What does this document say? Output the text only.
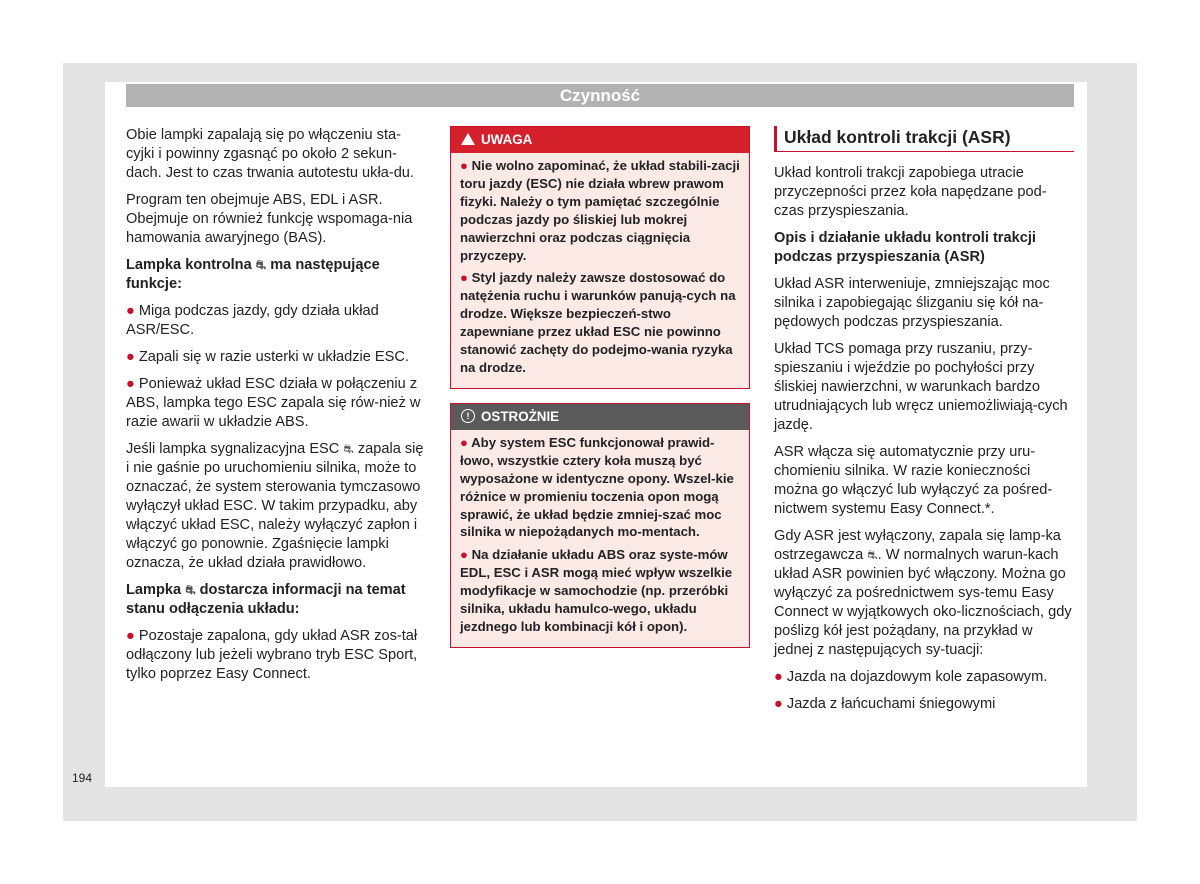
Czynność

Obie lampki zapalają się po włączeniu sta-cyjki i powinny zgasnąć po około 2 sekun-dach. Jest to czas trwania autotestu ukła-du.

Program ten obejmuje ABS, EDL i ASR. Obejmuje on również funkcję wspomaga-nia hamowania awaryjnego (BAS).

Lampka kontrolna ⛐ ma następujące funkcje:

● Miga podczas jazdy, gdy działa układ ASR/ESC.

● Zapali się w razie usterki w układzie ESC.

● Ponieważ układ ESC działa w połączeniu z ABS, lampka tego ESC zapala się rów-nież w razie awarii w układzie ABS.

Jeśli lampka sygnalizacyjna ESC ⛐ zapala się i nie gaśnie po uruchomieniu silnika, może to oznaczać, że system sterowania tymczasowo wyłączył układ ESC. W takim przypadku, aby włączyć układ ESC, należy wyłączyć zapłon i włączyć go ponownie. Zgaśnięcie lampki oznacza, że układ działa prawidłowo.

Lampka ⛐ dostarcza informacji na temat stanu odłączenia układu:

● Pozostaje zapalona, gdy układ ASR zos-tał odłączony lub jeżeli wybrano tryb ESC Sport, tylko poprzez Easy Connect.

UWAGA

● Nie wolno zapominać, że układ stabili-zacji toru jazdy (ESC) nie działa wbrew prawom fizyki. Należy o tym pamiętać szczególnie podczas jazdy po śliskiej lub mokrej nawierzchni oraz podczas ciągnięcia przyczepy.

● Styl jazdy należy zawsze dostosować do natężenia ruchu i warunków panują-cych na drodze. Większe bezpieczeń-stwo zapewniane przez układ ESC nie powinno stanowić zachęty do podejmo-wania ryzyka na drodze.

! OSTROŻNIE

● Aby system ESC funkcjonował prawid-łowo, wszystkie cztery koła muszą być wyposażone w identyczne opony. Wszel-kie różnice w promieniu toczenia opon mogą sprawić, że układ będzie zmniej-szać moc silnika w niepożądanych mo-mentach.

● Na działanie układu ABS oraz syste-mów EDL, ESC i ASR mogą mieć wpływ wszelkie modyfikacje w samochodzie (np. przeróbki silnika, układu hamulco-wego, układu jezdnego lub kombinacji kół i opon).

Układ kontroli trakcji (ASR)

Układ kontroli trakcji zapobiega utracie przyczepności przez koła napędzane pod-czas przyspieszania.

Opis i działanie układu kontroli trakcji podczas przyspieszania (ASR)

Układ ASR interweniuje, zmniejszając moc silnika i zapobiegając ślizganiu się kół na-pędowych podczas przyspieszania.

Układ TCS pomaga przy ruszaniu, przy-spieszaniu i wjeździe po pochyłości przy śliskiej nawierzchni, w warunkach bardzo utrudniających lub wręcz uniemożliwiają-cych jazdę.

ASR włącza się automatycznie przy uru-chomieniu silnika. W razie konieczności można go włączyć lub wyłączyć za pośred-nictwem systemu Easy Connect.*.

Gdy ASR jest wyłączony, zapala się lamp-ka ostrzegawcza ⛐. W normalnych warun-kach układ ASR powinien być włączony. Można go wyłączyć za pośrednictwem sys-temu Easy Connect w wyjątkowych oko-licznościach, gdy poślizg kół jest pożądany, na przykład w jednej z następujących sy-tuacji:

● Jazda na dojazdowym kole zapasowym.

● Jazda z łańcuchami śniegowymi

194
